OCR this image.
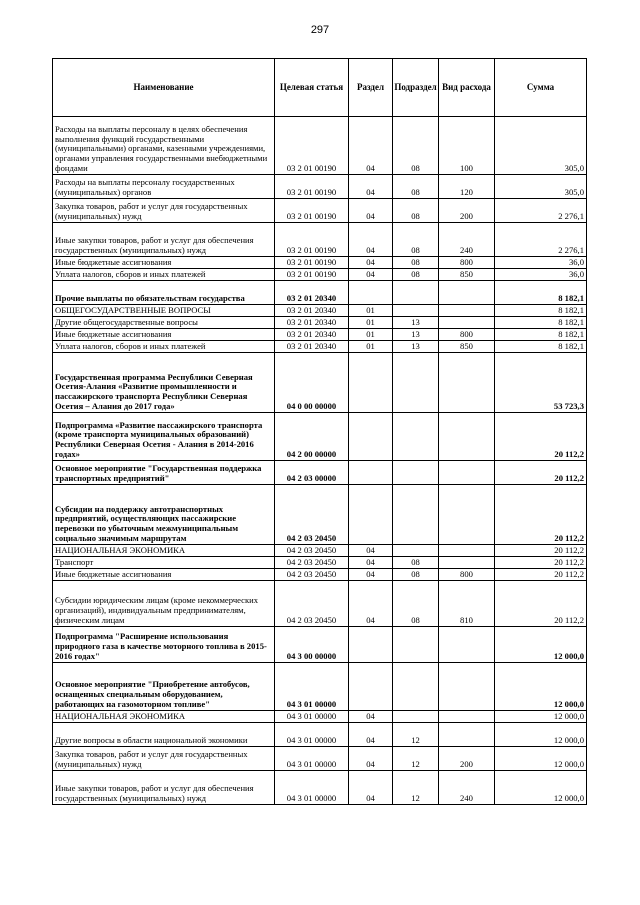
297
Наименование	Целевая статья	Раздел	Подраздел	Вид расхода	Сумма
Расходы на выплаты персоналу в целях обеспечения выполнения функций государственными (муниципальными) органами, казенными учреждениями, органами управления государственными внебюджетными фондами	03 2 01 00190	04	08	100	305,0
Расходы на выплаты персоналу государственных (муниципальных) органов	03 2 01 00190	04	08	120	305,0
Закупка товаров, работ и услуг для государственных (муниципальных) нужд	03 2 01 00190	04	08	200	2 276,1
Иные закупки товаров, работ и услуг для обеспечения государственных (муниципальных) нужд	03 2 01 00190	04	08	240	2 276,1
Иные бюджетные ассигнования	03 2 01 00190	04	08	800	36,0
Уплата налогов, сборов и иных платежей	03 2 01 00190	04	08	850	36,0
Прочие выплаты по обязательствам государства	03 2 01 20340				8 182,1
ОБЩЕГОСУДАРСТВЕННЫЕ ВОПРОСЫ	03 2 01 20340	01			8 182,1
Другие общегосударственные вопросы	03 2 01 20340	01	13		8 182,1
Иные бюджетные ассигнования	03 2 01 20340	01	13	800	8 182,1
Уплата налогов, сборов и иных платежей	03 2 01 20340	01	13	850	8 182,1
Государственная программа Республики Северная Осетия-Алания «Развитие промышленности и пассажирского транспорта Республики Северная Осетия – Алания до 2017 года»	04 0 00 00000				53 723,3
Подпрограмма «Развитие пассажирского транспорта (кроме транспорта муниципальных образований) Республики Северная Осетия - Алания в 2014-2016 годах»	04 2 00 00000				20 112,2
Основное мероприятие "Государственная поддержка транспортных предприятий"	04 2 03 00000				20 112,2
Субсидии на поддержку автотранспортных предприятий, осуществляющих пассажирские перевозки по убыточным межмуниципальным социально значимым маршрутам	04 2 03 20450				20 112,2
НАЦИОНАЛЬНАЯ ЭКОНОМИКА	04 2 03 20450	04			20 112,2
Транспорт	04 2 03 20450	04	08		20 112,2
Иные бюджетные ассигнования	04 2 03 20450	04	08	800	20 112,2
Субсидии юридическим лицам (кроме некоммерческих организаций), индивидуальным предпринимателям, физическим лицам	04 2 03 20450	04	08	810	20 112,2
Подпрограмма "Расширение использования природного газа в качестве моторного топлива в 2015-2016 годах"	04 3 00 00000				12 000,0
Основное мероприятие "Приобретение автобусов, оснащенных специальным оборудованием, работающих на газомоторном топливе"	04 3 01 00000				12 000,0
НАЦИОНАЛЬНАЯ ЭКОНОМИКА	04 3 01 00000	04			12 000,0
Другие вопросы в области национальной экономики	04 3 01 00000	04	12		12 000,0
Закупка товаров, работ и услуг для государственных (муниципальных) нужд	04 3 01 00000	04	12	200	12 000,0
Иные закупки товаров, работ и услуг для обеспечения государственных (муниципальных) нужд	04 3 01 00000	04	12	240	12 000,0
